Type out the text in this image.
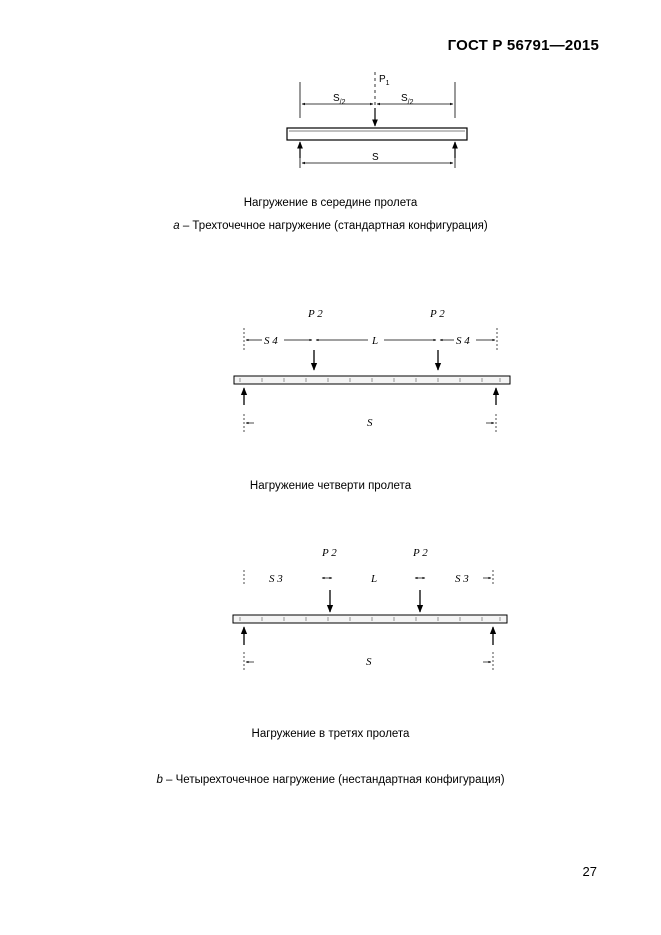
ГОСТ Р 56791—2015
$P_1$
$S_{/2}$	$S_{/2}$
S
P 2	P 2
S 4	L	S 4
S
P 2	P 2
S 3	L	S 3
S
Нагружение в середине пролета
a – Трехточечное нагружение (стандартная конфигурация)
Нагружение четверти пролета
Нагружение в третях пролета
b – Четырехточечное нагружение (нестандартная конфигурация)
27
